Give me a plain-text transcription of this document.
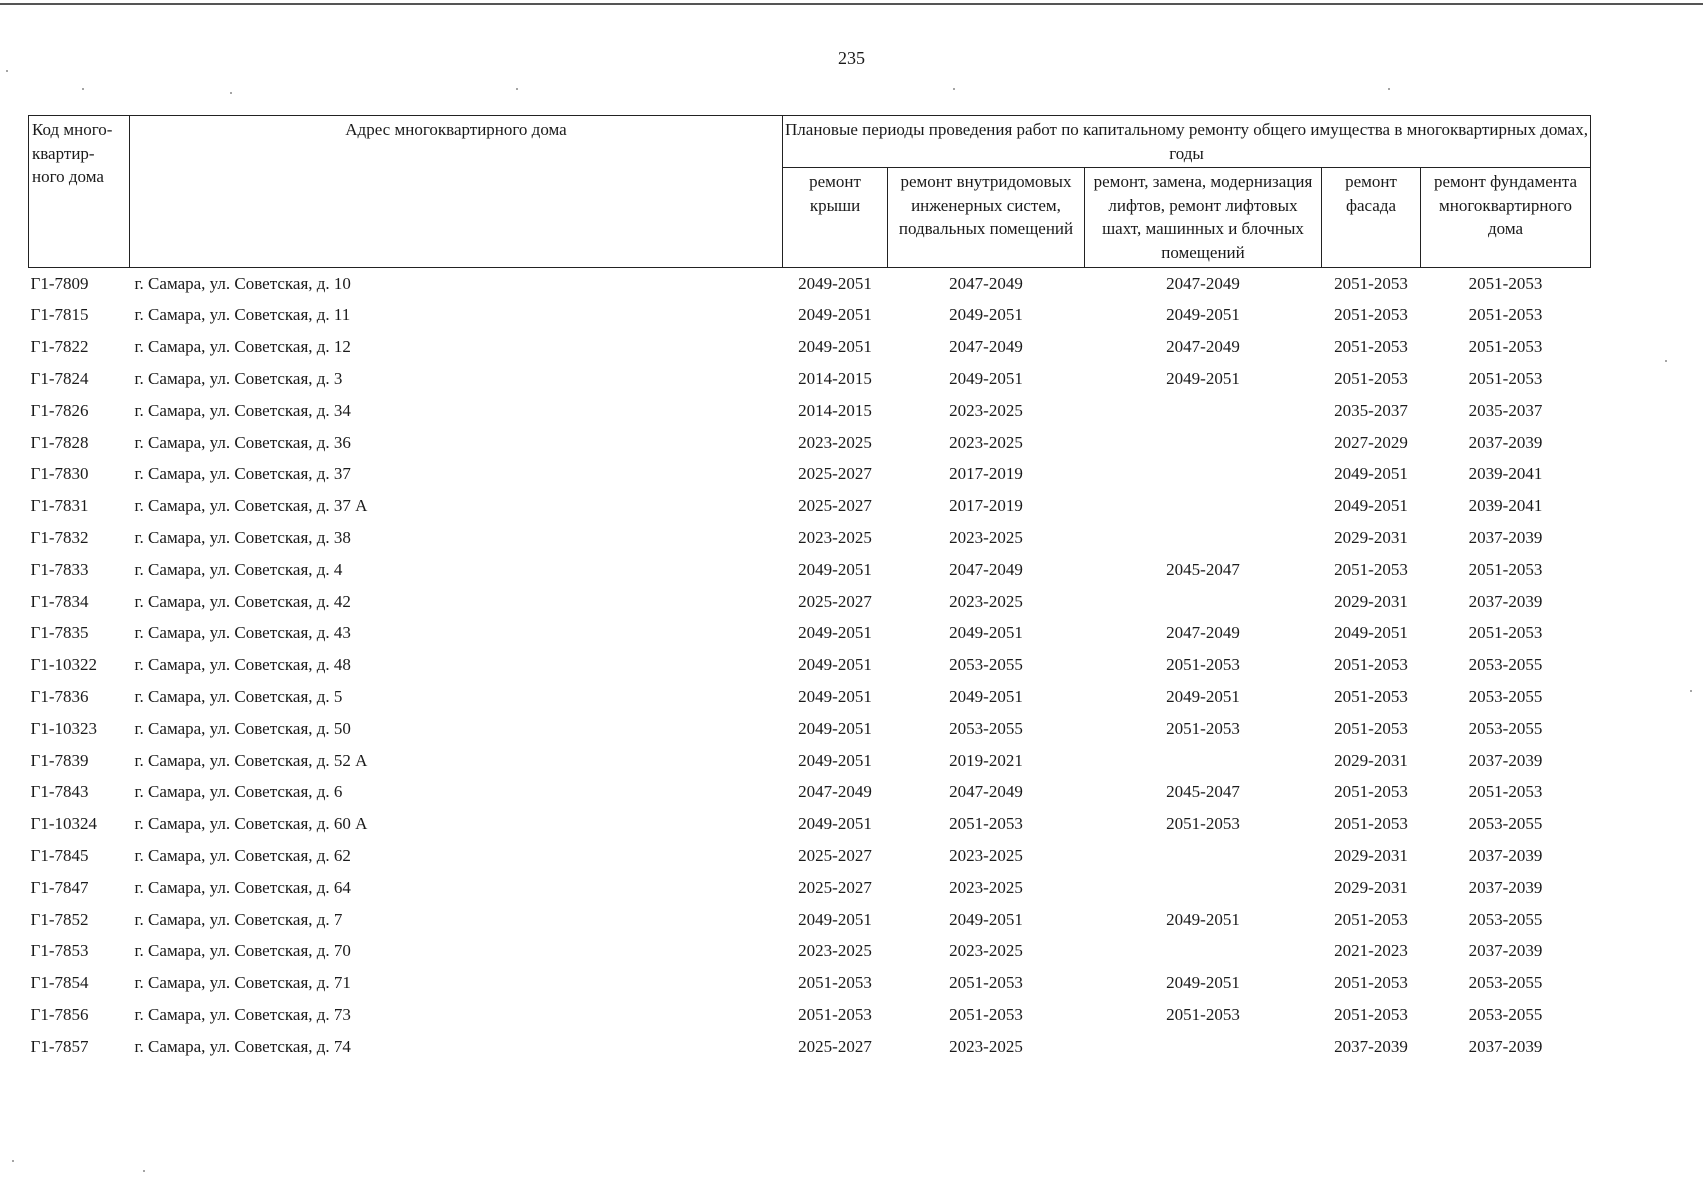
235
Код много-квартир-ного дома	Адрес многоквартирного дома	Плановые периоды проведения работ по капитальному ремонту общего имущества в многоквартирных домах, годы				
		ремонт крыши	ремонт внутридомовых инженерных систем, подвальных помещений	ремонт, замена, модернизация лифтов, ремонт лифтовых шахт, машинных и блочных помещений	ремонт фасада	ремонт фундамента многоквартирного дома
Г1-7809	г. Самара, ул. Советская, д. 10	2049-2051	2047-2049	2047-2049	2051-2053	2051-2053
Г1-7815	г. Самара, ул. Советская, д. 11	2049-2051	2049-2051	2049-2051	2051-2053	2051-2053
Г1-7822	г. Самара, ул. Советская, д. 12	2049-2051	2047-2049	2047-2049	2051-2053	2051-2053
Г1-7824	г. Самара, ул. Советская, д. 3	2014-2015	2049-2051	2049-2051	2051-2053	2051-2053
Г1-7826	г. Самара, ул. Советская, д. 34	2014-2015	2023-2025		2035-2037	2035-2037
Г1-7828	г. Самара, ул. Советская, д. 36	2023-2025	2023-2025		2027-2029	2037-2039
Г1-7830	г. Самара, ул. Советская, д. 37	2025-2027	2017-2019		2049-2051	2039-2041
Г1-7831	г. Самара, ул. Советская, д. 37 А	2025-2027	2017-2019		2049-2051	2039-2041
Г1-7832	г. Самара, ул. Советская, д. 38	2023-2025	2023-2025		2029-2031	2037-2039
Г1-7833	г. Самара, ул. Советская, д. 4	2049-2051	2047-2049	2045-2047	2051-2053	2051-2053
Г1-7834	г. Самара, ул. Советская, д. 42	2025-2027	2023-2025		2029-2031	2037-2039
Г1-7835	г. Самара, ул. Советская, д. 43	2049-2051	2049-2051	2047-2049	2049-2051	2051-2053
Г1-10322	г. Самара, ул. Советская, д. 48	2049-2051	2053-2055	2051-2053	2051-2053	2053-2055
Г1-7836	г. Самара, ул. Советская, д. 5	2049-2051	2049-2051	2049-2051	2051-2053	2053-2055
Г1-10323	г. Самара, ул. Советская, д. 50	2049-2051	2053-2055	2051-2053	2051-2053	2053-2055
Г1-7839	г. Самара, ул. Советская, д. 52 А	2049-2051	2019-2021		2029-2031	2037-2039
Г1-7843	г. Самара, ул. Советская, д. 6	2047-2049	2047-2049	2045-2047	2051-2053	2051-2053
Г1-10324	г. Самара, ул. Советская, д. 60 А	2049-2051	2051-2053	2051-2053	2051-2053	2053-2055
Г1-7845	г. Самара, ул. Советская, д. 62	2025-2027	2023-2025		2029-2031	2037-2039
Г1-7847	г. Самара, ул. Советская, д. 64	2025-2027	2023-2025		2029-2031	2037-2039
Г1-7852	г. Самара, ул. Советская, д. 7	2049-2051	2049-2051	2049-2051	2051-2053	2053-2055
Г1-7853	г. Самара, ул. Советская, д. 70	2023-2025	2023-2025		2021-2023	2037-2039
Г1-7854	г. Самара, ул. Советская, д. 71	2051-2053	2051-2053	2049-2051	2051-2053	2053-2055
Г1-7856	г. Самара, ул. Советская, д. 73	2051-2053	2051-2053	2051-2053	2051-2053	2053-2055
Г1-7857	г. Самара, ул. Советская, д. 74	2025-2027	2023-2025		2037-2039	2037-2039
